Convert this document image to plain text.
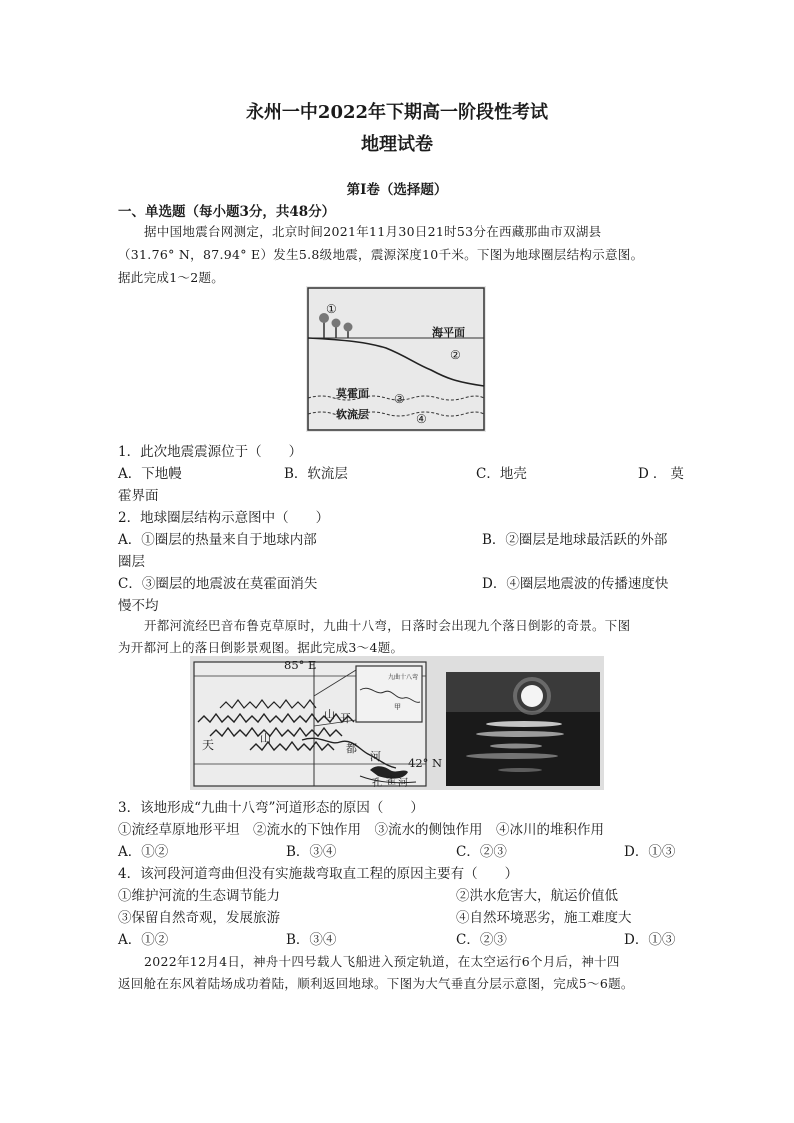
永州一中2022年下期高一阶段性考试
地理试卷
第Ⅰ卷（选择题）
一、单选题（每小题3分，共48分）
据中国地震台网测定，北京时间2021年11月30日21时53分在西藏那曲市双湖县
（31.76° N，87.94° E）发生5.8级地震，震源深度10千米。下图为地球圈层结构示意图。
据此完成1～2题。
①
海平面
②
莫霍面 ③
软流层	④
1．此次地震震源位于（　　）
A．下地幔	B．软流层	C．地壳	D．莫
霍界面
2．地球圈层结构示意图中（　　）
A．①圈层的热量来自于地球内部	B．②圈层是地球最活跃的外部
圈层
C．③圈层的地震波在莫霍面消失	D．④圈层地震波的传播速度快
慢不均
开都河流经巴音布鲁克草原时，九曲十八弯，日落时会出现九个落日倒影的奇景。下图
为开都河上的落日倒影景观图。据此完成3～4题。
85° E
42° N
天	山
山 开
都
河
孔 雀 河
九曲十八弯
甲
3．该地形成“九曲十八弯”河道形态的原因（　　）
①流经草原地形平坦　②流水的下蚀作用　③流水的侧蚀作用　④冰川的堆积作用
A．①②	B．③④	C．②③	D．①③
4．该河段河道弯曲但没有实施裁弯取直工程的原因主要有（　　）
①维护河流的生态调节能力	②洪水危害大，航运价值低
③保留自然奇观，发展旅游	④自然环境恶劣，施工难度大
A．①②	B．③④	C．②③	D．①③
2022年12月4日，神舟十四号载人飞船进入预定轨道，在太空运行6个月后，神十四
返回舱在东风着陆场成功着陆，顺利返回地球。下图为大气垂直分层示意图，完成5～6题。
